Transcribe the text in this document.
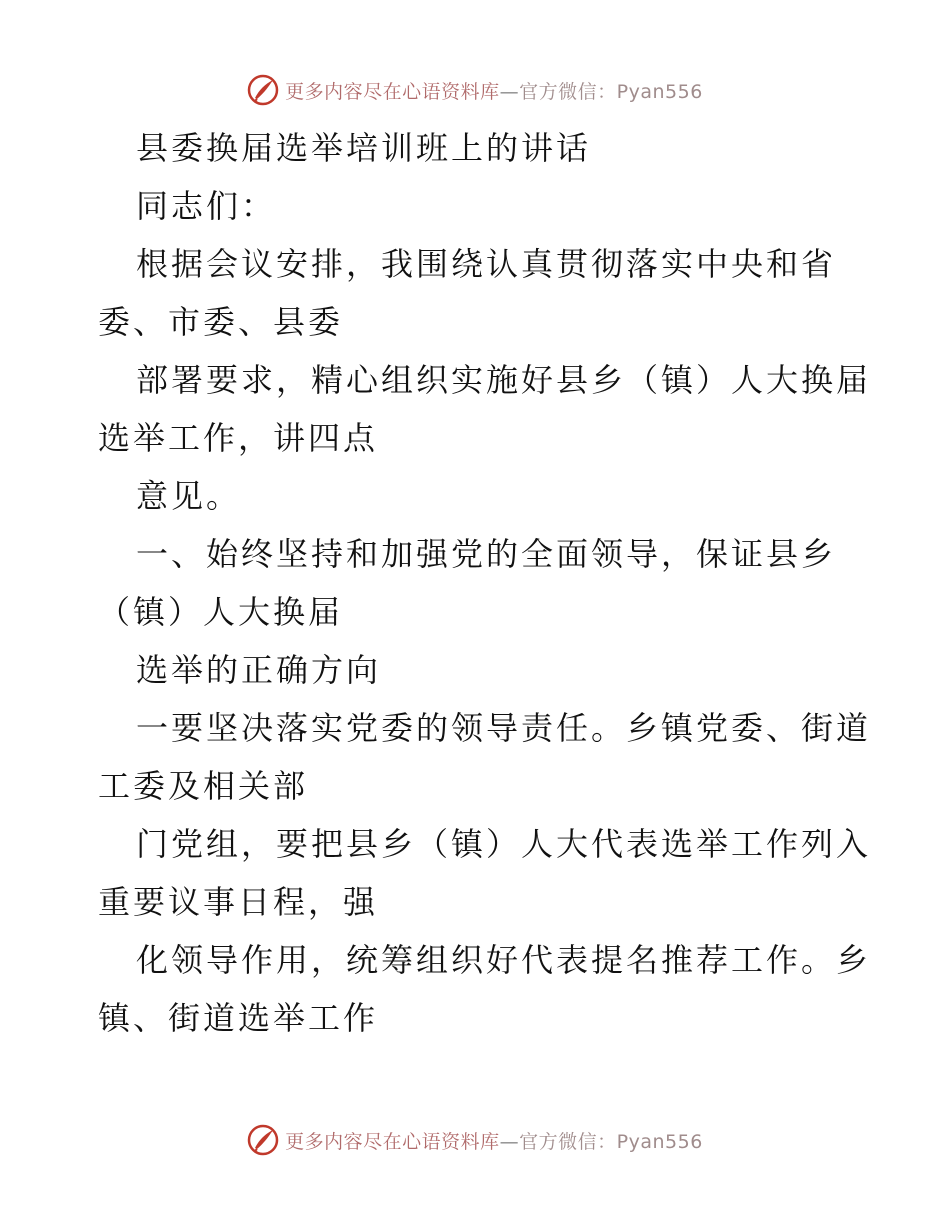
更多内容尽在心语资料库—官方微信：Pyan556
县委换届选举培训班上的讲话
同志们：
根据会议安排，我围绕认真贯彻落实中央和省
委、市委、县委
部署要求，精心组织实施好县乡（镇）人大换届
选举工作，讲四点
意见。
一、始终坚持和加强党的全面领导，保证县乡
（镇）人大换届
选举的正确方向
一要坚决落实党委的领导责任。乡镇党委、街道
工委及相关部
门党组，要把县乡（镇）人大代表选举工作列入
重要议事日程，强
化领导作用，统筹组织好代表提名推荐工作。乡
镇、街道选举工作
更多内容尽在心语资料库—官方微信：Pyan556
